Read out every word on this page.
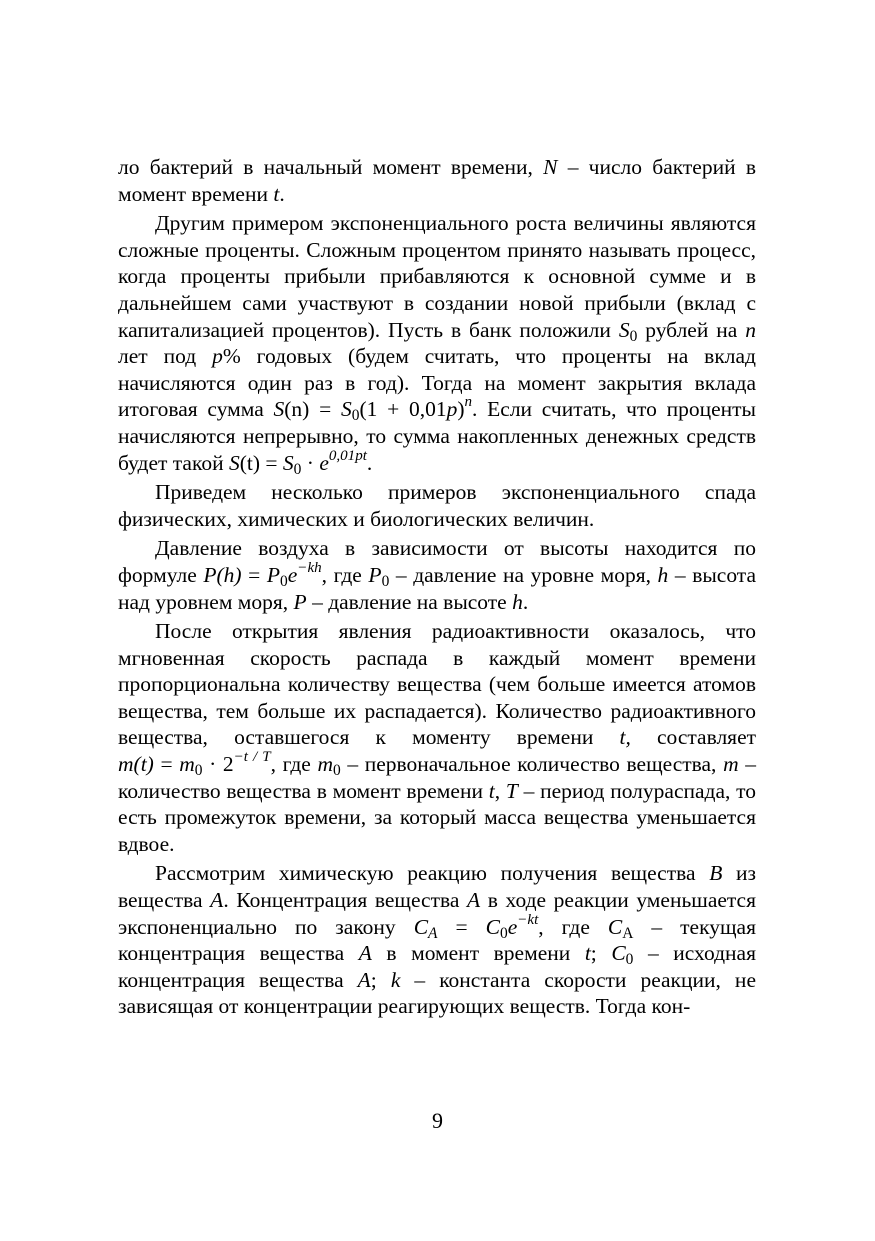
ло бактерий в начальный момент времени, N – число бактерий в момент времени t.

Другим примером экспоненциального роста величины являются сложные проценты. Сложным процентом принято называть процесс, когда проценты прибыли прибавляются к основной сумме и в дальнейшем сами участвуют в создании новой прибыли (вклад с капитализацией процентов). Пусть в банк положили $S_0$ рублей на n лет под p% годовых (будем считать, что проценты на вклад начисляются один раз в год). Тогда на момент закрытия вклада итоговая сумма $S(n) = S_0(1 + 0,01p)^n$. Если считать, что проценты начисляются непрерывно, то сумма накопленных денежных средств будет такой $S(t) = S_0 \cdot e^{0,01pt}$.

Приведем несколько примеров экспоненциального спада физических, химических и биологических величин.

Давление воздуха в зависимости от высоты находится по формуле $P(h) = P_0e^{-kh}$, где $P_0$ – давление на уровне моря, h – высота над уровнем моря, P – давление на высоте h.

После открытия явления радиоактивности оказалось, что мгновенная скорость распада в каждый момент времени пропорциональна количеству вещества (чем больше имеется атомов вещества, тем больше их распадается). Количество радиоактивного вещества, оставшегося к моменту времени t, составляет $m(t) = m_0 \cdot 2^{-t / T}$, где $m_0$ – первоначальное количество вещества, m – количество вещества в момент времени t, T – период полураспада, то есть промежуток времени, за который масса вещества уменьшается вдвое.

Рассмотрим химическую реакцию получения вещества B из вещества A. Концентрация вещества A в ходе реакции уменьшается экспоненциально по закону $C_A = C_0e^{-kt}$, где $C_A$ – текущая концентрация вещества A в момент времени t; $C_0$ – исходная концентрация вещества A; k – константа скорости реакции, не зависящая от концентрации реагирующих веществ. Тогда кон-

9
